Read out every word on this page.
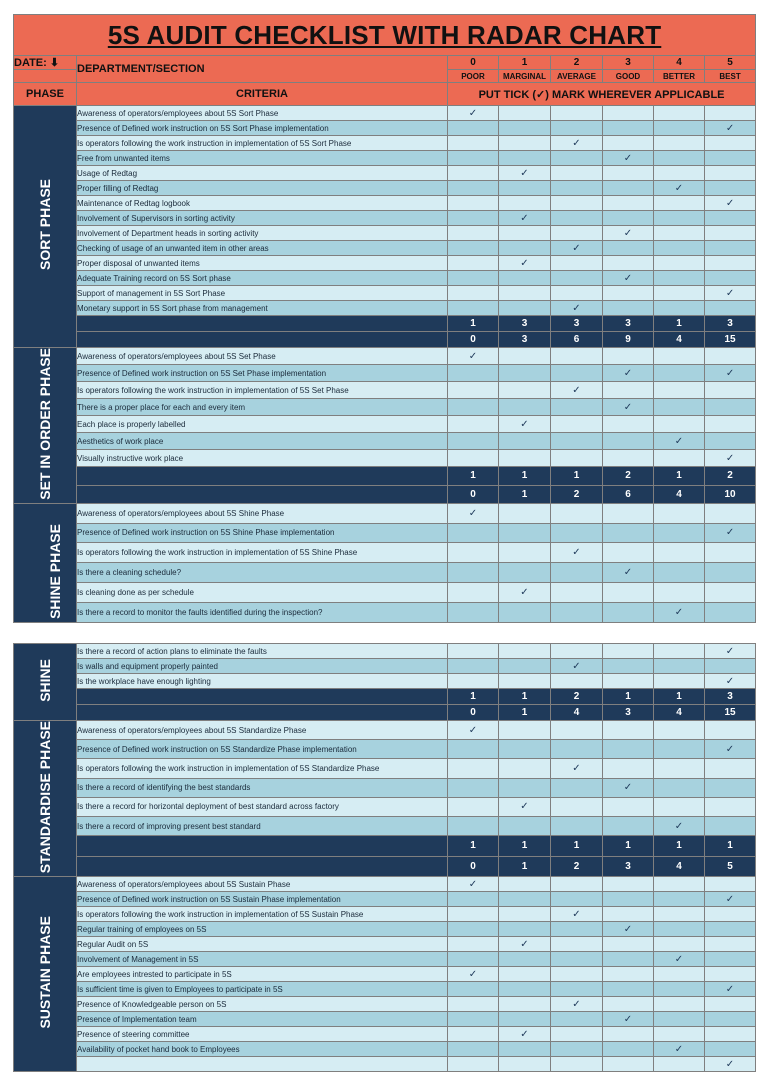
5S AUDIT CHECKLIST WITH RADAR CHART							
DATE: ⬇	DEPARTMENT/SECTION	0	1	2	3	4	5
		POOR	MARGINAL	AVERAGE	GOOD	BETTER	BEST
PHASE	CRITERIA	PUT TICK (✓) MARK WHEREVER APPLICABLE					
SORT PHASE	Awareness of operators/employees about 5S Sort Phase	✓					
	Presence of Defined work instruction on 5S Sort Phase implementation						✓
	Is operators following the work instruction in implementation of 5S Sort Phase			✓			
	Free from unwanted items				✓		
	Usage of Redtag		✓				
	Proper filling of Redtag					✓	
	Maintenance of Redtag logbook						✓
	Involvement of Supervisors in sorting activity		✓				
	Involvement of Department heads in sorting activity				✓		
	Checking of usage of an unwanted item in other areas			✓			
	Proper disposal of unwanted items		✓				
	Adequate Training record on 5S Sort phase				✓		
	Support of management in 5S Sort Phase						✓
	Monetary support in 5S Sort phase from management			✓			
		1	3	3	3	1	3
		0	3	6	9	4	15
SET IN ORDER PHASE	Awareness of operators/employees about 5S Set Phase	✓					
	Presence of Defined work instruction on 5S Set Phase implementation				✓		✓
	Is operators following the work instruction in implementation of 5S Set Phase			✓			
	There is a proper place for each and every item				✓		
	Each place is properly labelled		✓				
	Aesthetics of work place					✓	
	Visually instructive work place						✓
		1	1	1	2	1	2
		0	1	2	6	4	10
SHINE PHASE	Awareness of operators/employees about 5S Shine Phase	✓					
	Presence of Defined work instruction on 5S Shine Phase implementation						✓
	Is operators following the work instruction in implementation of 5S Shine Phase			✓			
	Is there a cleaning schedule?				✓		
	Is cleaning done as per schedule		✓				
	Is there a record to monitor the faults identified during the inspection?					✓	
SHINE	Is there a record of action plans to eliminate the faults						✓
	Is walls and equipment properly painted			✓			
	Is the workplace have enough lighting						✓
		1	1	2	1	1	3
		0	1	4	3	4	15
STANDARDISE PHASE	Awareness of operators/employees about 5S Standardize Phase	✓					
	Presence of Defined work instruction on 5S Standardize Phase implementation						✓
	Is operators following the work instruction in implementation of 5S Standardize Phase			✓			
	Is there a record of identifying the best standards				✓		
	Is there a record for horizontal deployment of best standard across factory		✓				
	Is there a record of improving present best standard					✓	
		1	1	1	1	1	1
		0	1	2	3	4	5
SUSTAIN PHASE	Awareness of operators/employees about 5S Sustain Phase	✓					
	Presence of Defined work instruction on 5S Sustain Phase implementation						✓
	Is operators following the work instruction in implementation of 5S Sustain Phase			✓			
	Regular training of employees on 5S				✓		
	Regular Audit on 5S		✓				
	Involvement of Management in 5S					✓	
	Are employees intrested to participate in 5S	✓					
	Is sufficient time is given to Employees to participate in 5S						✓
	Presence of Knowledgeable person on 5S			✓			
	Presence of Implementation team				✓		
	Presence of steering committee		✓				
	Availability of pocket hand book to Employees					✓	
							✓
